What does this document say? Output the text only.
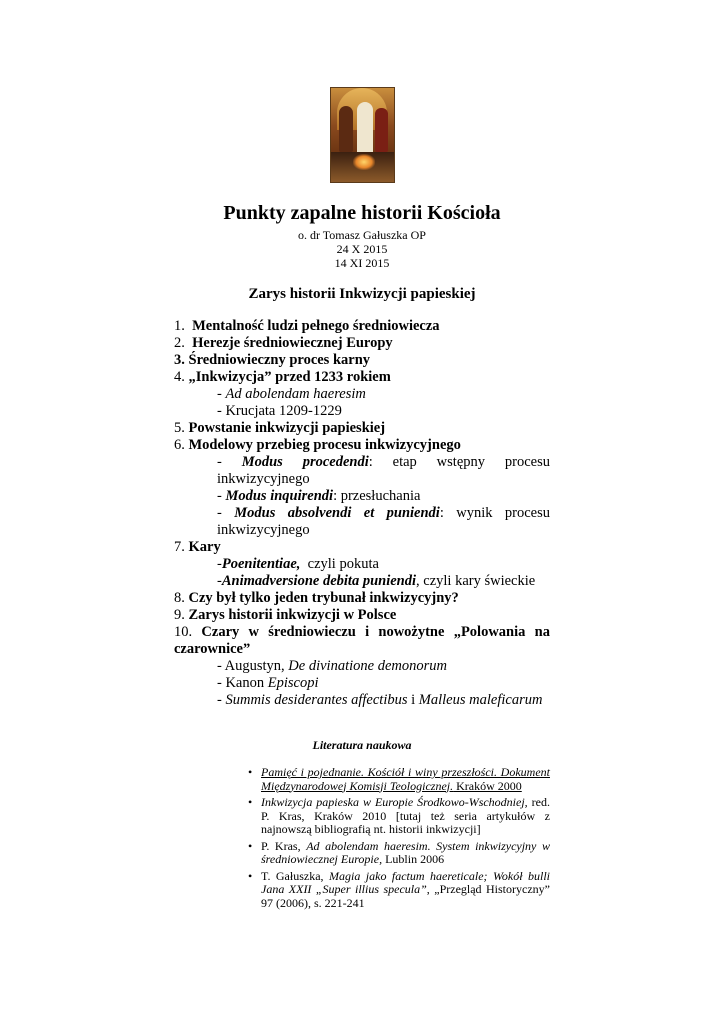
Punkty zapalne historii Kościoła
o. dr Tomasz Gałuszka OP
24 X 2015
14 XI 2015
Zarys historii Inkwizycji papieskiej
1. Mentalność ludzi pełnego średniowiecza
2. Herezje średniowiecznej Europy
3. Średniowieczny proces karny
4. „Inkwizycja” przed 1233 rokiem
- Ad abolendam haeresim
- Krucjata 1209-1229
5. Powstanie inkwizycji papieskiej
6. Modelowy przebieg procesu inkwizycyjnego
- Modus procedendi: etap wstępny procesu
inkwizycyjnego
- Modus inquirendi: przesłuchania
- Modus absolvendi et puniendi: wynik procesu
inkwizycyjnego
7. Kary
-Poenitentiae,  czyli pokuta
-Animadversione debita puniendi, czyli kary świeckie
8. Czy był tylko jeden trybunał inkwizycyjny?
9. Zarys historii inkwizycji w Polsce
10. Czary w średniowieczu i nowożytne „Polowania na czarownice”
- Augustyn, De divinatione demonorum
- Kanon Episcopi
- Summis desiderantes affectibus i Malleus maleficarum
Literatura naukowa
• Pamięć i pojednanie. Kościół i winy przeszłości. Dokument Międzynarodowej Komisji Teologicznej. Kraków 2000
• Inkwizycja papieska w Europie Środkowo-Wschodniej, red. P. Kras, Kraków 2010 [tutaj też seria artykułów z najnowszą bibliografią nt. historii inkwizycji]
• P. Kras, Ad abolendam haeresim. System inkwizycyjny w średniowiecznej Europie, Lublin 2006
• T. Gałuszka, Magia jako factum haereticale; Wokół bulli Jana XXII „Super illius specula”, „Przegląd Historyczny” 97 (2006), s. 221-241
